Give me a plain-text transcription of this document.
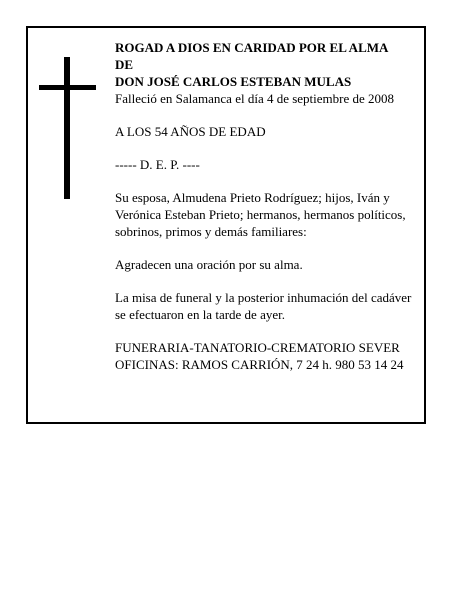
ROGAD A DIOS EN CARIDAD POR EL ALMA

DE

DON JOSÉ CARLOS ESTEBAN MULAS

Falleció en Salamanca el día 4 de septiembre de 2008

A LOS 54 AÑOS DE EDAD

----- D. E. P. ----

Su esposa, Almudena Prieto Rodríguez; hijos, Iván y Verónica Esteban Prieto; hermanos, hermanos políticos, sobrinos, primos y demás familiares:

Agradecen una oración por su alma.

La misa de funeral y la posterior inhumación del cadáver se efectuaron en la tarde de ayer.

FUNERARIA-TANATORIO-CREMATORIO SEVER

OFICINAS: RAMOS CARRIÓN, 7 24 h. 980 53 14 24
